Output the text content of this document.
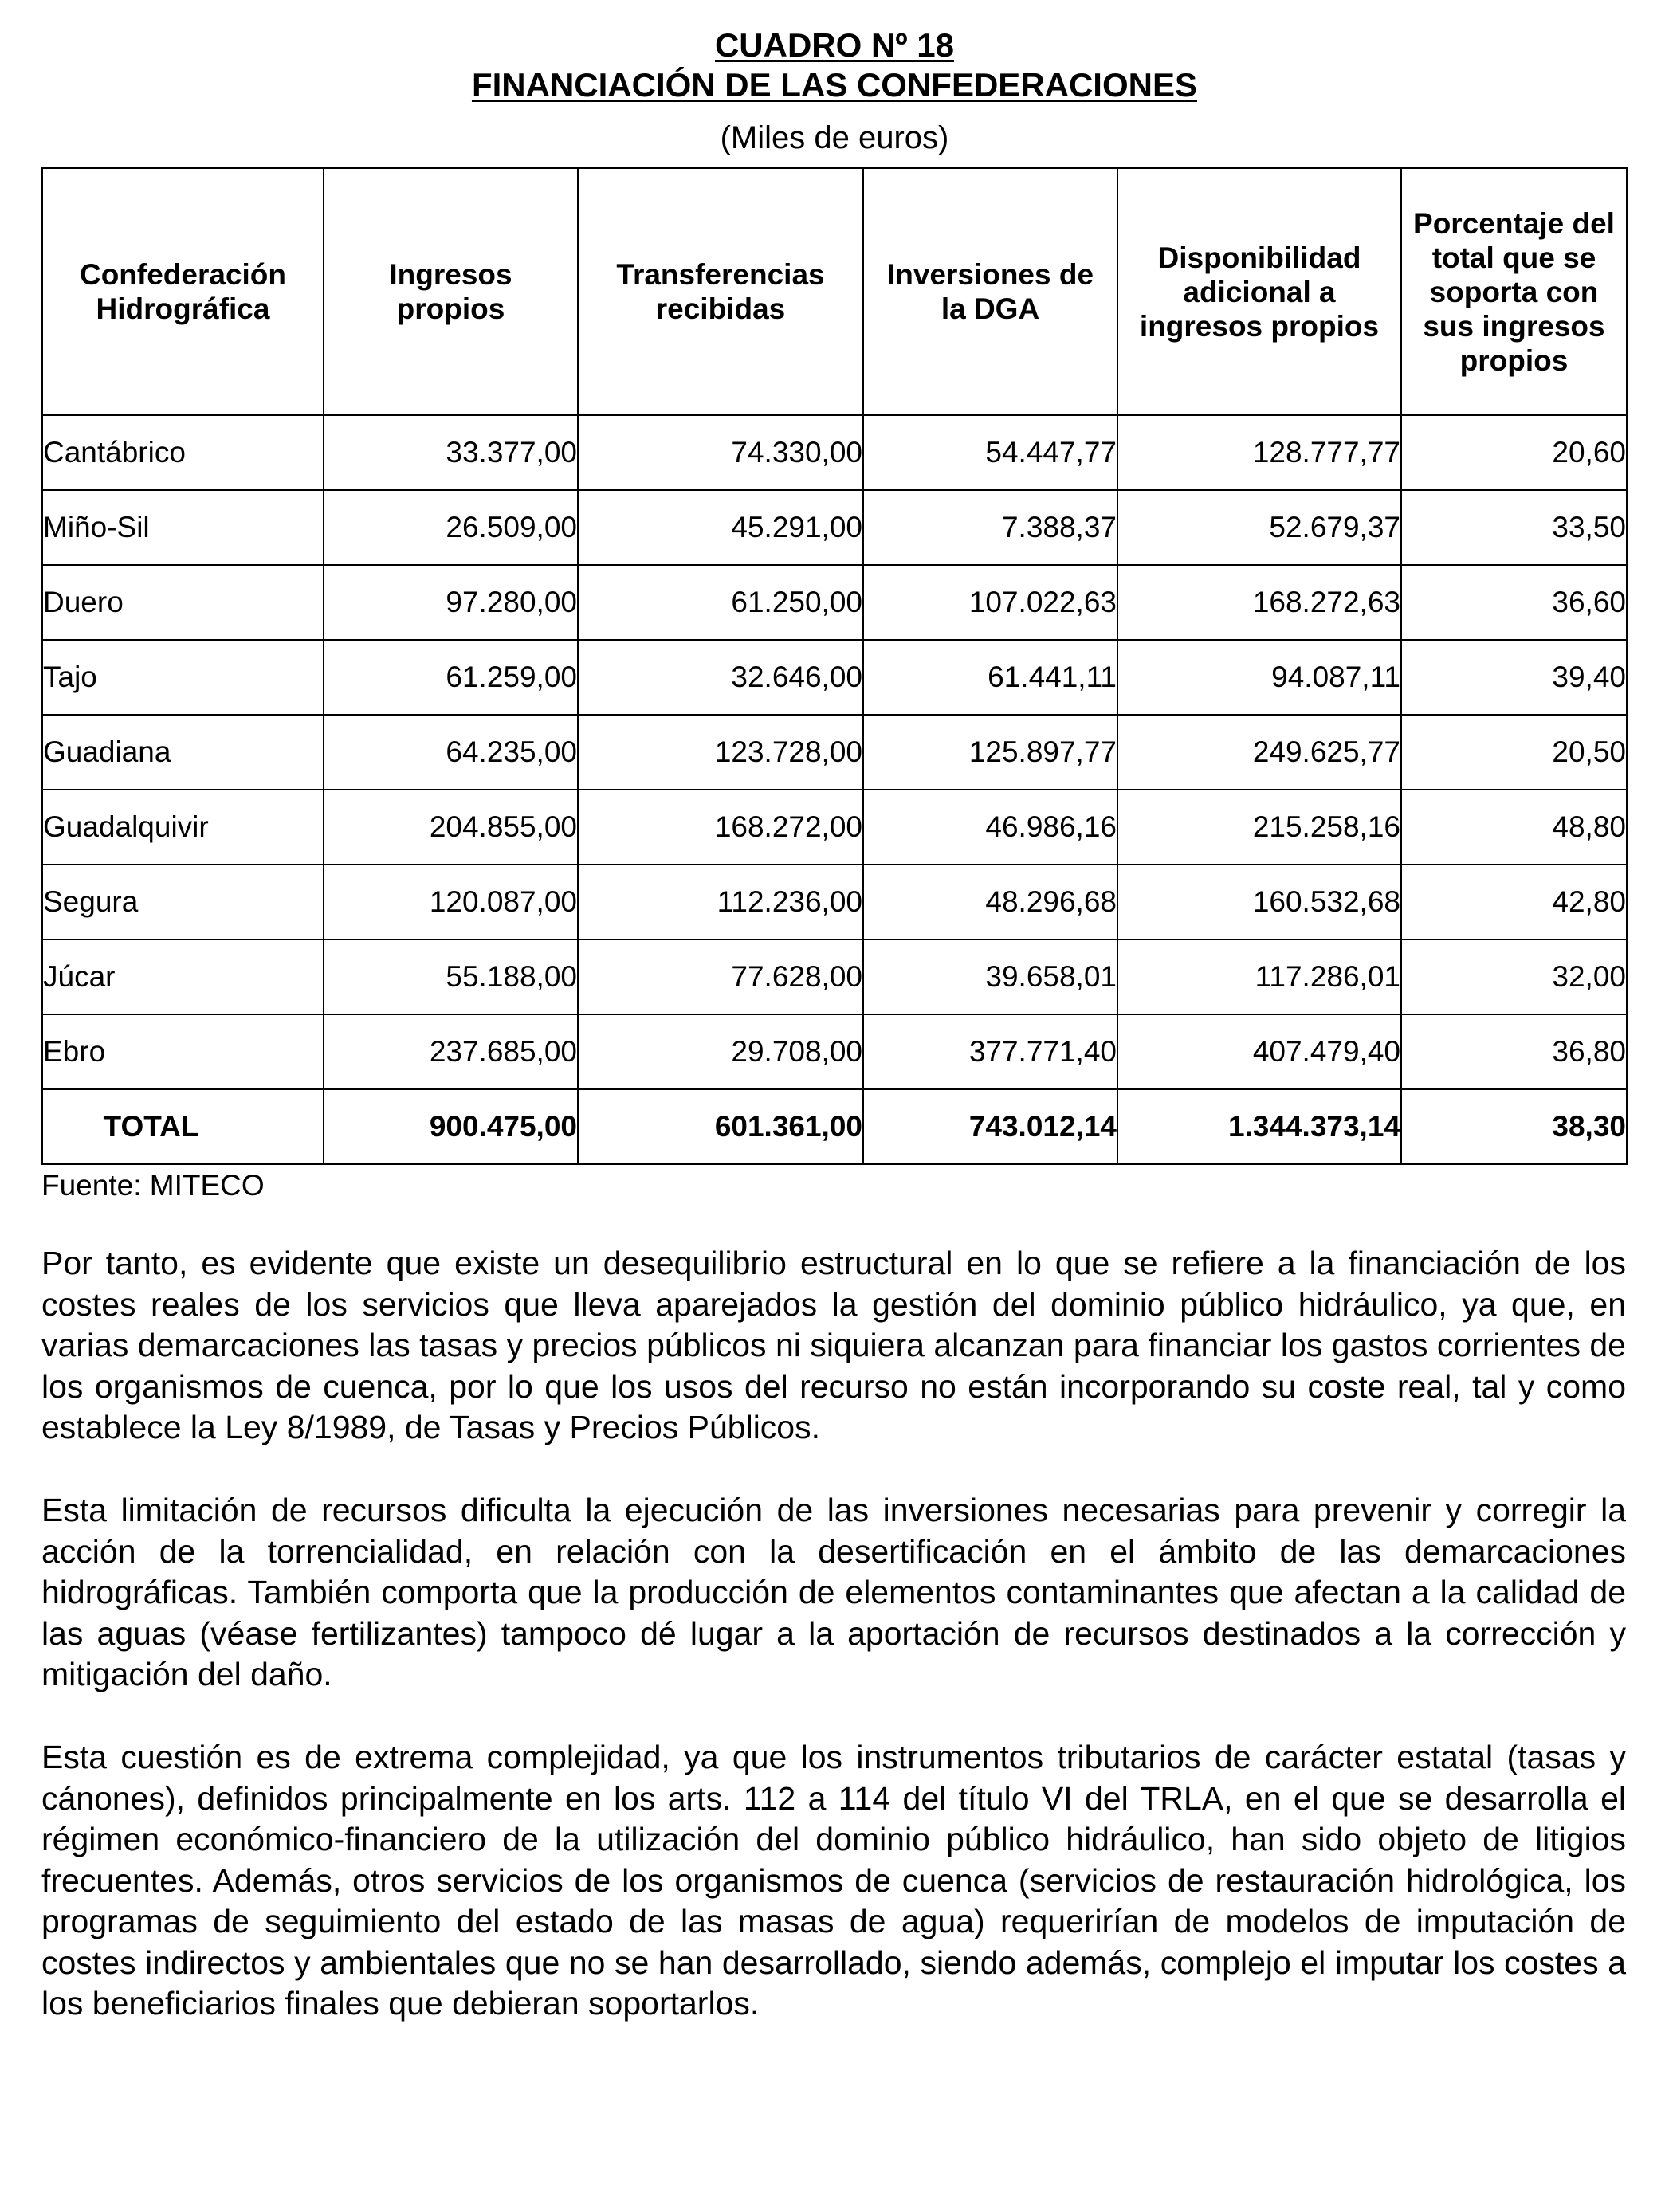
CUADRO Nº 18
FINANCIACIÓN DE LAS CONFEDERACIONES
(Miles de euros)
Confederación Hidrográfica	Ingresos propios	Transferencias recibidas	Inversiones de la DGA	Disponibilidad adicional a ingresos propios	Porcentaje del total que se soporta con sus ingresos propios
Cantábrico	33.377,00	74.330,00	54.447,77	128.777,77	20,60
Miño-Sil	26.509,00	45.291,00	7.388,37	52.679,37	33,50
Duero	97.280,00	61.250,00	107.022,63	168.272,63	36,60
Tajo	61.259,00	32.646,00	61.441,11	94.087,11	39,40
Guadiana	64.235,00	123.728,00	125.897,77	249.625,77	20,50
Guadalquivir	204.855,00	168.272,00	46.986,16	215.258,16	48,80
Segura	120.087,00	112.236,00	48.296,68	160.532,68	42,80
Júcar	55.188,00	77.628,00	39.658,01	117.286,01	32,00
Ebro	237.685,00	29.708,00	377.771,40	407.479,40	36,80
TOTAL	900.475,00	601.361,00	743.012,14	1.344.373,14	38,30
Fuente: MITECO

Por tanto, es evidente que existe un desequilibrio estructural en lo que se refiere a la financiación de los costes reales de los servicios que lleva aparejados la gestión del dominio público hidráulico, ya que, en varias demarcaciones las tasas y precios públicos ni siquiera alcanzan para financiar los gastos corrientes de los organismos de cuenca, por lo que los usos del recurso no están incorporando su coste real, tal y como establece la Ley 8/1989, de Tasas y Precios Públicos.

Esta limitación de recursos dificulta la ejecución de las inversiones necesarias para prevenir y corregir la acción de la torrencialidad, en relación con la desertificación en el ámbito de las demarcaciones hidrográficas. También comporta que la producción de elementos contaminantes que afectan a la calidad de las aguas (véase fertilizantes) tampoco dé lugar a la aportación de recursos destinados a la corrección y mitigación del daño.

Esta cuestión es de extrema complejidad, ya que los instrumentos tributarios de carácter estatal (tasas y cánones), definidos principalmente en los arts. 112 a 114 del título VI del TRLA, en el que se desarrolla el régimen económico-financiero de la utilización del dominio público hidráulico, han sido objeto de litigios frecuentes. Además, otros servicios de los organismos de cuenca (servicios de restauración hidrológica, los programas de seguimiento del estado de las masas de agua) requerirían de modelos de imputación de costes indirectos y ambientales que no se han desarrollado, siendo además, complejo el imputar los costes a los beneficiarios finales que debieran soportarlos.
